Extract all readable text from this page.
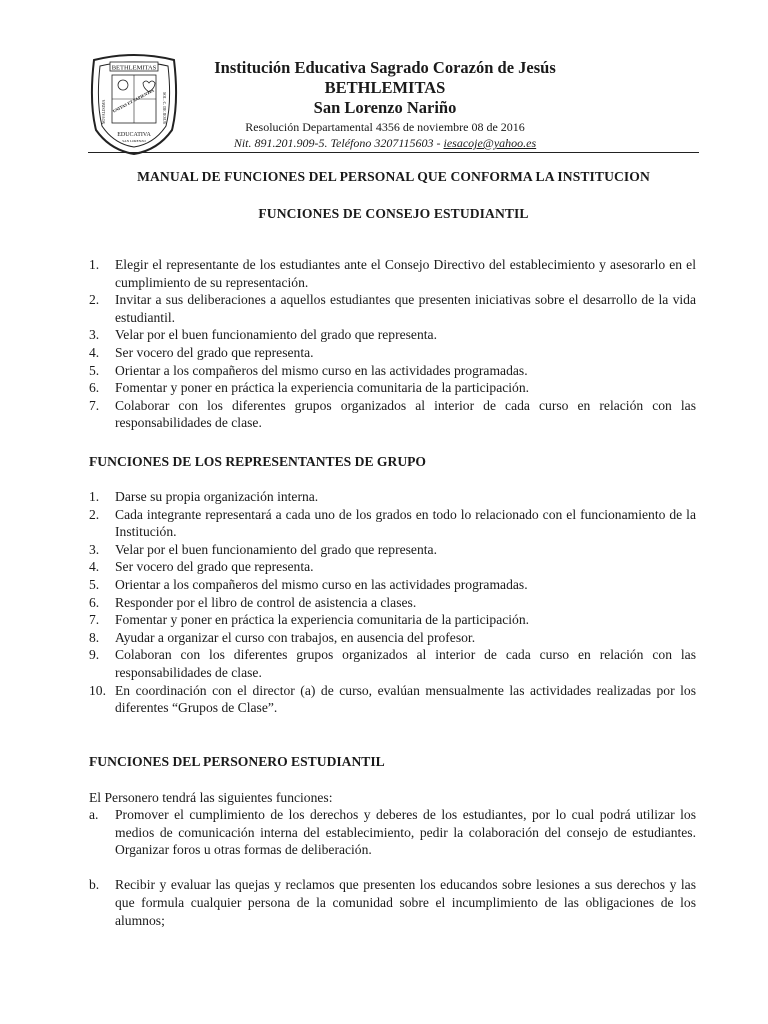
BETHLEMITAS
NOVALISIMA	SOL. C. DE JESUS
UNITAS ET SAPIENTIA
EDUCATIVA
SAN LORENZO
Institución Educativa Sagrado Corazón de Jesús
BETHLEMITAS
San Lorenzo Nariño
Resolución Departamental 4356 de noviembre 08 de 2016
Nit. 891.201.909-5. Teléfono 3207115603 - iesacoje@yahoo.es
MANUAL DE FUNCIONES DEL PERSONAL QUE CONFORMA LA INSTITUCION
FUNCIONES DE CONSEJO ESTUDIANTIL
1.	Elegir el representante de los estudiantes ante el Consejo Directivo del establecimiento y asesorarlo en el cumplimiento de su representación.
2.	Invitar a sus deliberaciones a aquellos estudiantes que presenten iniciativas sobre el desarrollo de la vida estudiantil.
3.	Velar por el buen funcionamiento del grado que representa.
4.	Ser vocero del grado que representa.
5.	Orientar a los compañeros del mismo curso en las actividades programadas.
6.	Fomentar y poner en práctica la experiencia comunitaria de la participación.
7.	Colaborar con los diferentes grupos organizados al interior de cada curso en relación con las responsabilidades de clase.
FUNCIONES DE LOS REPRESENTANTES DE GRUPO
1.	Darse su propia organización interna.
2.	Cada integrante representará a cada uno de los grados en todo lo relacionado con el funcionamiento de la Institución.
3.	Velar por el buen funcionamiento del grado que representa.
4.	Ser vocero del grado que representa.
5.	Orientar a los compañeros del mismo curso en las actividades programadas.
6.	Responder por el libro de control de asistencia a clases.
7.	Fomentar y poner en práctica la experiencia comunitaria de la participación.
8.	Ayudar a organizar el curso con trabajos, en ausencia del profesor.
9.	Colaboran con los diferentes grupos organizados al interior de cada curso en relación con las responsabilidades de clase.
10. En coordinación con el director (a) de curso, evalúan mensualmente las actividades realizadas por los diferentes “Grupos de Clase”.
FUNCIONES DEL PERSONERO ESTUDIANTIL
El Personero tendrá las siguientes funciones:
a.	Promover el cumplimiento de los derechos y deberes de los estudiantes, por lo cual podrá utilizar los medios de comunicación interna del establecimiento, pedir la colaboración del consejo de estudiantes. Organizar foros u otras formas de deliberación.
b.	Recibir y evaluar las quejas y reclamos que presenten los educandos sobre lesiones a sus derechos y las que formula cualquier persona de la comunidad sobre el incumplimiento de las obligaciones de los alumnos;
